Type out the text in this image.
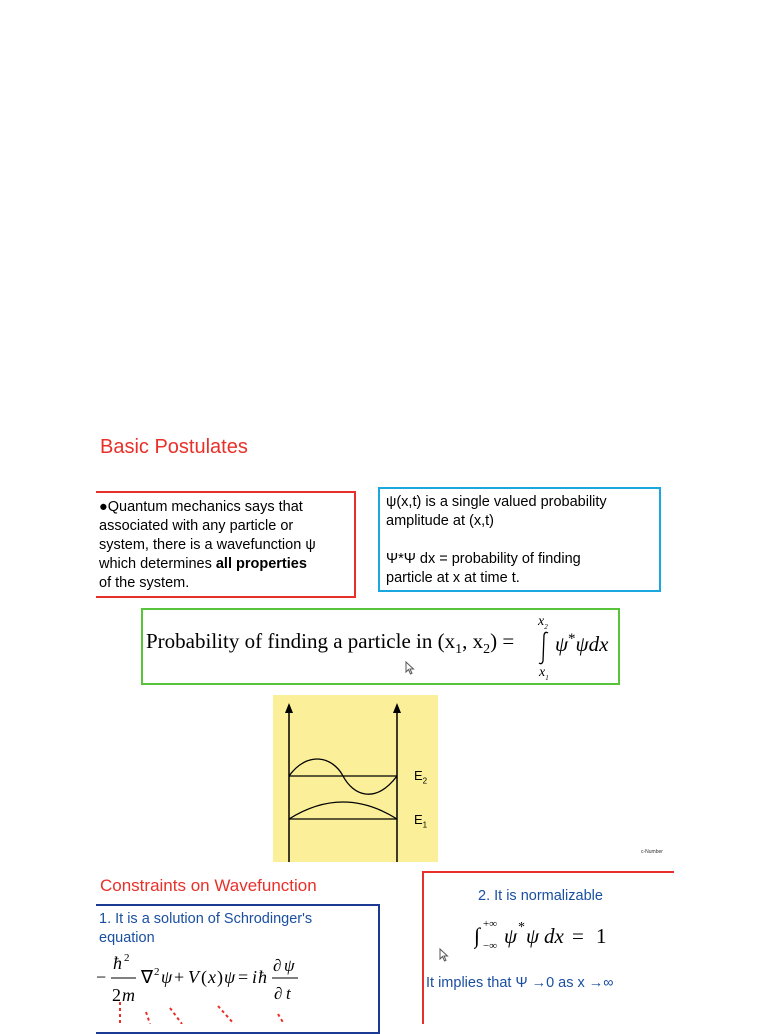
Basic Postulates
●Quantum mechanics says that
associated with any particle or
system, there is a wavefunction ψ
which determines all properties
of the system.
ψ(x,t) is a single valued probability
amplitude at (x,t)
Ψ*Ψ dx = probability of finding
particle at x at time t.
Probability of finding a particle in ($x_1$, $x_2$) =
$x_2$
ψ*ψdx
$x_1$
$E_2$
$E_1$
c-Number
Constraints on Wavefunction
1. It is a solution of Schrodinger's
equation
−
ħ 2
2 m
∇ 2 ψ + V ( x ) ψ = i ħ
∂ ψ
∂ t
2. It is normalizable
∫ +∞
−∞ ψ * ψ dx = 1
It implies that Ψ →0 as x →∞
